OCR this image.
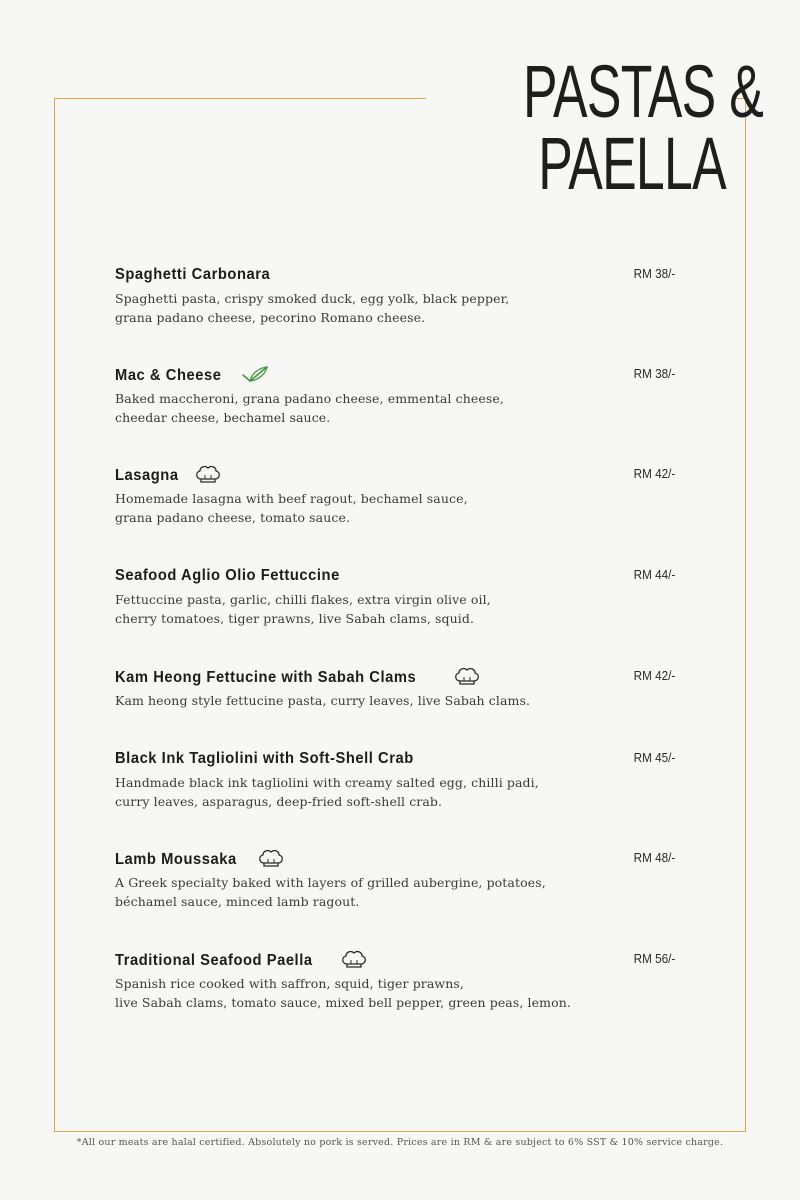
PASTAS &
PAELLA
Spaghetti Carbonara	RM 38/-
Spaghetti pasta, crispy smoked duck, egg yolk, black pepper,
grana padano cheese, pecorino Romano cheese.
Mac & Cheese	RM 38/-
Baked maccheroni, grana padano cheese, emmental cheese,
cheedar cheese, bechamel sauce.
Lasagna	RM 42/-
Homemade lasagna with beef ragout, bechamel sauce,
grana padano cheese, tomato sauce.
Seafood Aglio Olio Fettuccine	RM 44/-
Fettuccine pasta, garlic, chilli flakes, extra virgin olive oil,
cherry tomatoes, tiger prawns, live Sabah clams, squid.
Kam Heong Fettucine with Sabah Clams	RM 42/-
Kam heong style fettucine pasta, curry leaves, live Sabah clams.
Black Ink Tagliolini with Soft-Shell Crab	RM 45/-
Handmade black ink tagliolini with creamy salted egg, chilli padi,
curry leaves, asparagus, deep-fried soft-shell crab.
Lamb Moussaka	RM 48/-
A Greek specialty baked with layers of grilled aubergine, potatoes,
béchamel sauce, minced lamb ragout.
Traditional Seafood Paella	RM 56/-
Spanish rice cooked with saffron, squid, tiger prawns,
live Sabah clams, tomato sauce, mixed bell pepper, green peas, lemon.
*All our meats are halal certified. Absolutely no pork is served. Prices are in RM & are subject to 6% SST & 10% service charge.
